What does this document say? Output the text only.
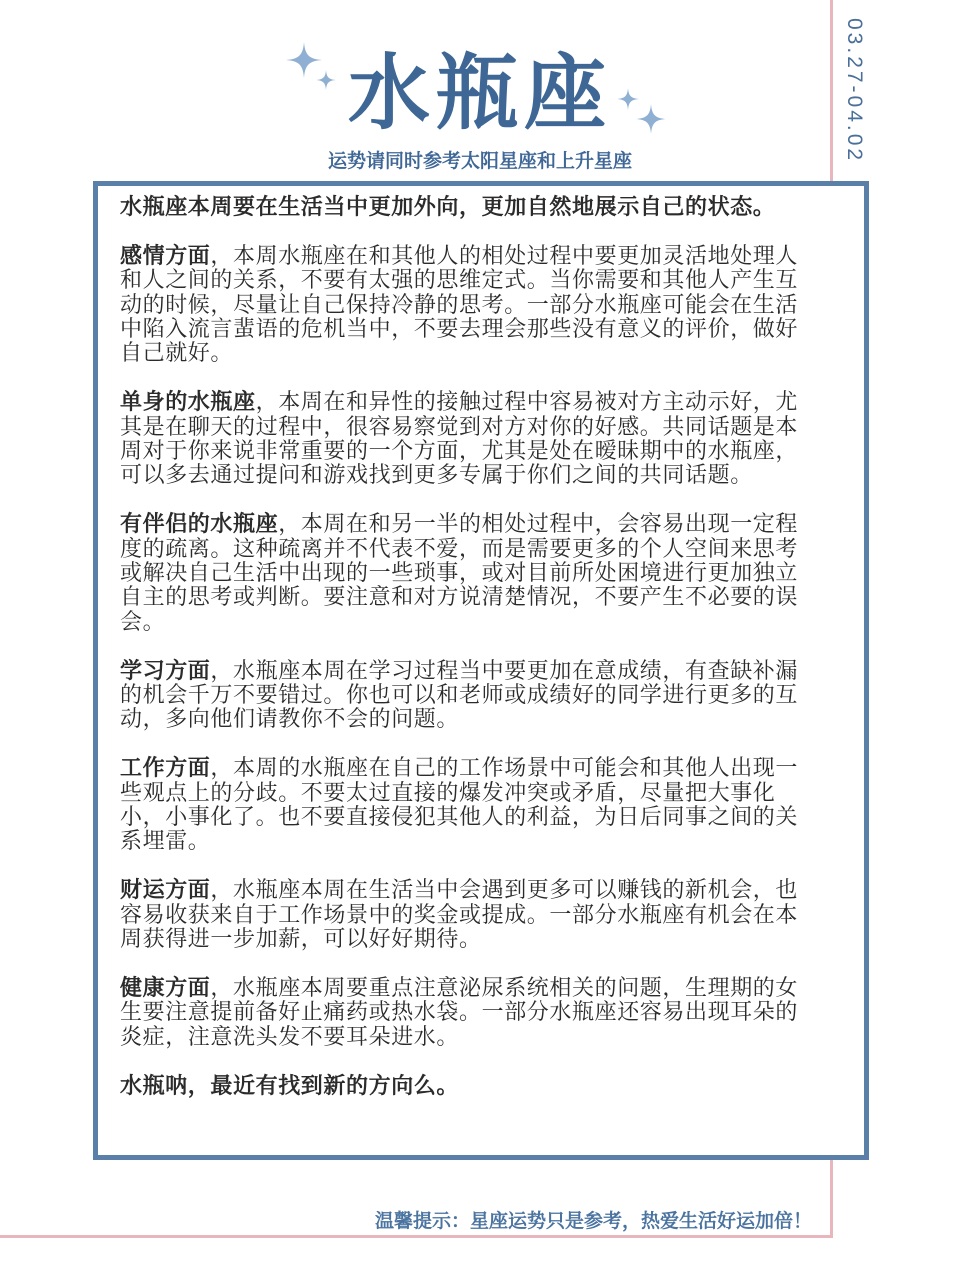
03.27-04.02
水瓶座
运势请同时参考太阳星座和上升星座

水瓶座本周要在生活当中更加外向，更加自然地展示自己的状态。

感情方面，本周水瓶座在和其他人的相处过程中要更加灵活地处理人和人之间的关系，不要有太强的思维定式。当你需要和其他人产生互动的时候，尽量让自己保持冷静的思考。一部分水瓶座可能会在生活中陷入流言蜚语的危机当中，不要去理会那些没有意义的评价，做好自己就好。

单身的水瓶座，本周在和异性的接触过程中容易被对方主动示好，尤其是在聊天的过程中，很容易察觉到对方对你的好感。共同话题是本周对于你来说非常重要的一个方面，尤其是处在暧昧期中的水瓶座，可以多去通过提问和游戏找到更多专属于你们之间的共同话题。

有伴侣的水瓶座，本周在和另一半的相处过程中，会容易出现一定程度的疏离。这种疏离并不代表不爱，而是需要更多的个人空间来思考或解决自己生活中出现的一些琐事，或对目前所处困境进行更加独立自主的思考或判断。要注意和对方说清楚情况，不要产生不必要的误会。

学习方面，水瓶座本周在学习过程当中要更加在意成绩，有查缺补漏的机会千万不要错过。你也可以和老师或成绩好的同学进行更多的互动，多向他们请教你不会的问题。

工作方面，本周的水瓶座在自己的工作场景中可能会和其他人出现一些观点上的分歧。不要太过直接的爆发冲突或矛盾，尽量把大事化小，小事化了。也不要直接侵犯其他人的利益，为日后同事之间的关系埋雷。

财运方面，水瓶座本周在生活当中会遇到更多可以赚钱的新机会，也容易收获来自于工作场景中的奖金或提成。一部分水瓶座有机会在本周获得进一步加薪，可以好好期待。

健康方面，水瓶座本周要重点注意泌尿系统相关的问题，生理期的女生要注意提前备好止痛药或热水袋。一部分水瓶座还容易出现耳朵的炎症，注意洗头发不要耳朵进水。

水瓶呐，最近有找到新的方向么。

温馨提示：星座运势只是参考，热爱生活好运加倍！
